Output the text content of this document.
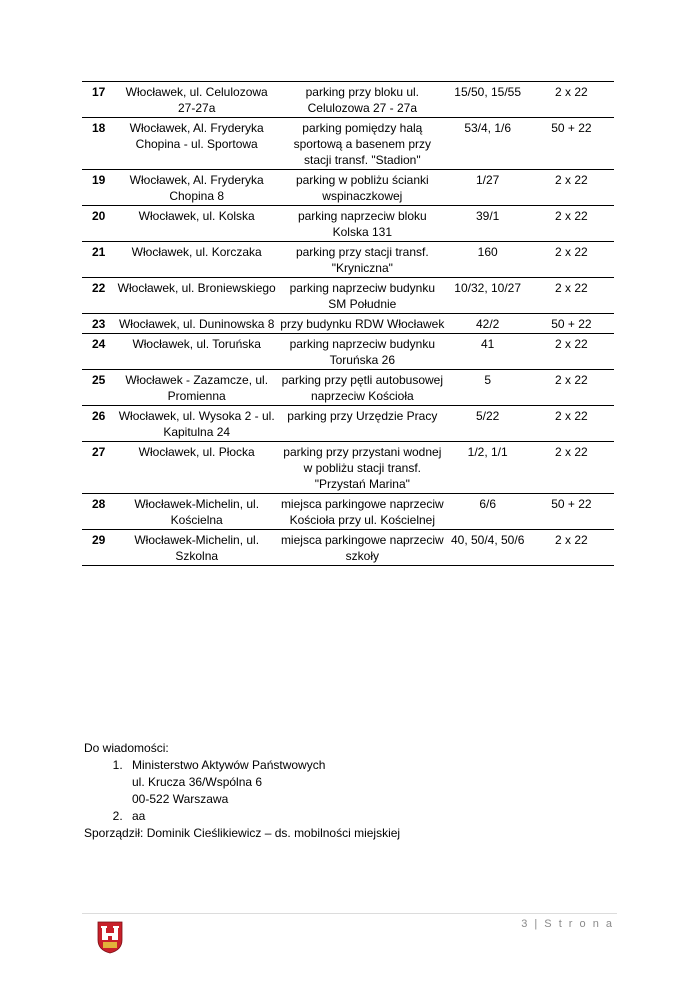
17	Włocławek, ul. Celulozowa 27-27a	parking przy bloku ul. Celulozowa 27 - 27a	15/50, 15/55	2 x 22
18	Włocławek, Al. Fryderyka Chopina - ul. Sportowa	parking pomiędzy halą sportową a basenem przy stacji transf. "Stadion"	53/4, 1/6	50 + 22
19	Włocławek, Al. Fryderyka Chopina 8	parking w pobliżu ścianki wspinaczkowej	1/27	2 x 22
20	Włocławek, ul. Kolska	parking naprzeciw bloku Kolska 131	39/1	2 x 22
21	Włocławek, ul. Korczaka	parking przy stacji transf. "Kryniczna"	160	2 x 22
22	Włocławek, ul. Broniewskiego	parking naprzeciw budynku SM Południe	10/32, 10/27	2 x 22
23	Włocławek, ul. Duninowska 8	przy budynku RDW Włocławek	42/2	50 + 22
24	Włocławek, ul. Toruńska	parking naprzeciw budynku Toruńska 26	41	2 x 22
25	Włocławek - Zazamcze, ul. Promienna	parking przy pętli autobusowej naprzeciw Kościoła	5	2 x 22
26	Włocławek, ul. Wysoka 2 - ul. Kapitulna 24	parking przy Urzędzie Pracy	5/22	2 x 22
27	Włocławek, ul. Płocka	parking przy przystani wodnej w pobliżu stacji transf. "Przystań Marina"	1/2, 1/1	2 x 22
28	Włocławek-Michelin, ul. Kościelna	miejsca parkingowe naprzeciw Kościoła przy ul. Kościelnej	6/6	50 + 22
29	Włocławek-Michelin, ul. Szkolna	miejsca parkingowe naprzeciw szkoły	40, 50/4, 50/6	2 x 22
Do wiadomości:
1. Ministerstwo Aktywów Państwowych
ul. Krucza 36/Wspólna 6
00-522 Warszawa
2. aa
Sporządził: Dominik Cieślikiewicz – ds. mobilności miejskiej
3 | S t r o n a
